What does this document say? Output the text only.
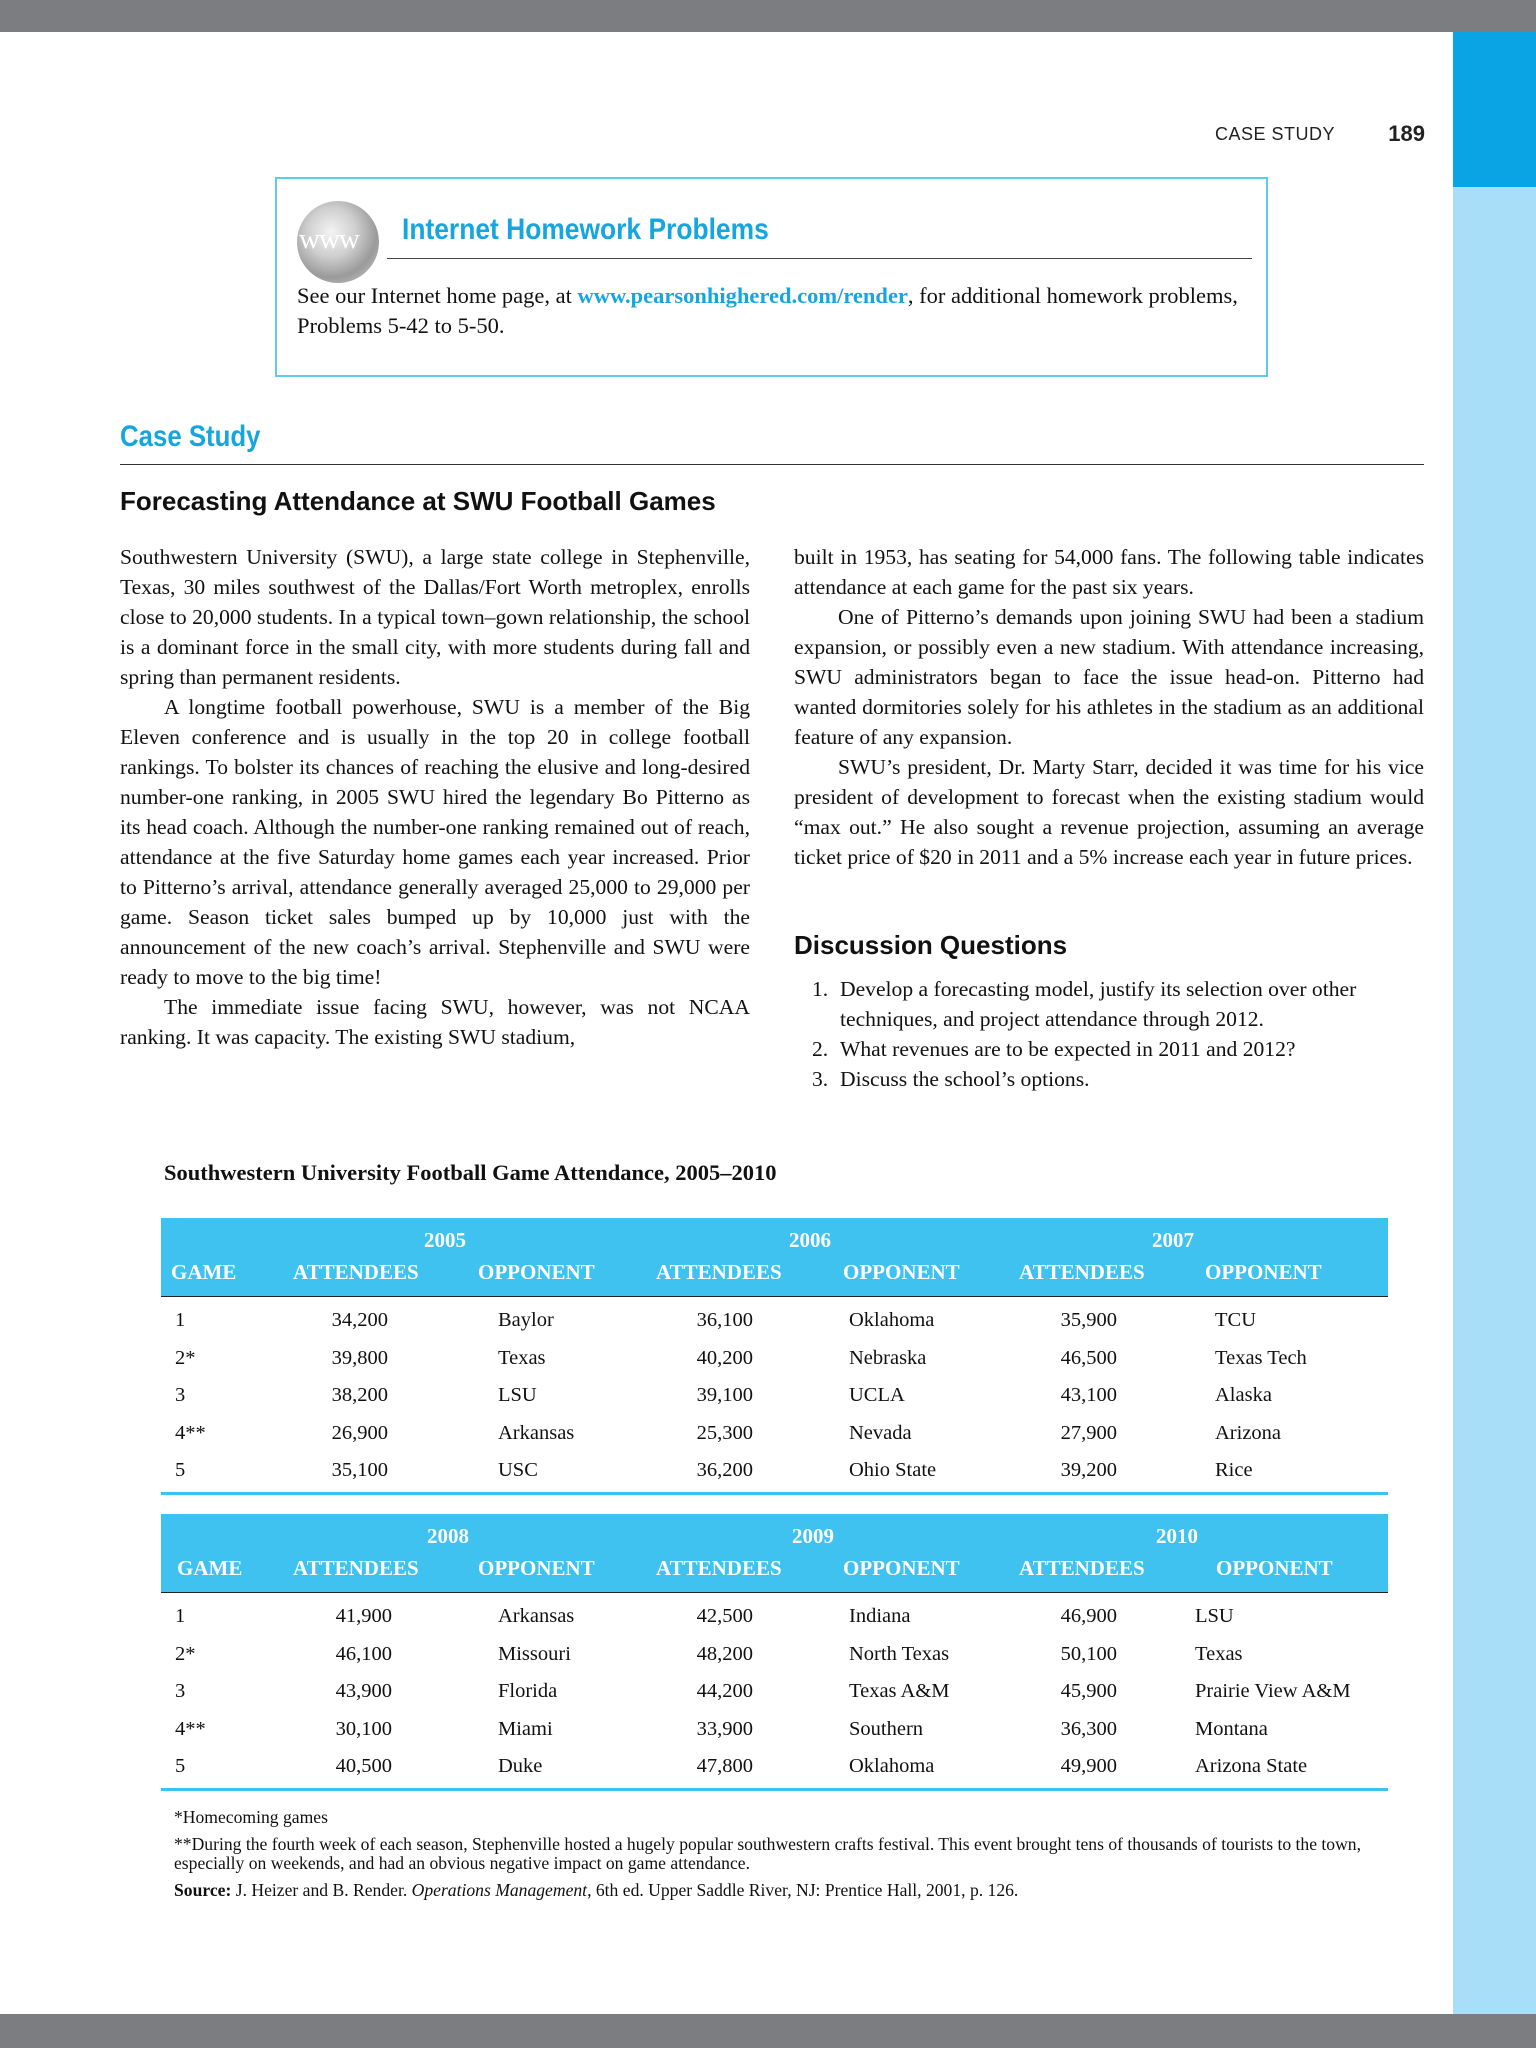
CASE STUDY 189
www Internet Homework Problems
See our Internet home page, at www.pearsonhighered.com/render, for additional homework problems, Problems 5-42 to 5-50.
Case Study
Forecasting Attendance at SWU Football Games

Southwestern University (SWU), a large state college in Stephenville, Texas, 30 miles southwest of the Dallas/Fort Worth metroplex, enrolls close to 20,000 students. In a typical town–gown relationship, the school is a dominant force in the small city, with more students during fall and spring than permanent residents.

A longtime football powerhouse, SWU is a member of the Big Eleven conference and is usually in the top 20 in college football rankings. To bolster its chances of reaching the elusive and long-desired number-one ranking, in 2005 SWU hired the legendary Bo Pitterno as its head coach. Although the number-one ranking remained out of reach, attendance at the five Saturday home games each year increased. Prior to Pitterno’s arrival, attendance generally averaged 25,000 to 29,000 per game. Season ticket sales bumped up by 10,000 just with the announcement of the new coach’s arrival. Stephenville and SWU were ready to move to the big time!

The immediate issue facing SWU, however, was not NCAA ranking. It was capacity. The existing SWU stadium,

built in 1953, has seating for 54,000 fans. The following table indicates attendance at each game for the past six years.

One of Pitterno’s demands upon joining SWU had been a stadium expansion, or possibly even a new stadium. With attendance increasing, SWU administrators began to face the issue head-on. Pitterno had wanted dormitories solely for his athletes in the stadium as an additional feature of any expansion.

SWU’s president, Dr. Marty Starr, decided it was time for his vice president of development to forecast when the existing stadium would “max out.” He also sought a revenue projection, assuming an average ticket price of $20 in 2011 and a 5% increase each year in future prices.

Discussion Questions
1. Develop a forecasting model, justify its selection over other techniques, and project attendance through 2012.
2. What revenues are to be expected in 2011 and 2012?
3. Discuss the school’s options.
Southwestern University Football Game Attendance, 2005–2010
2005	2006	2007
GAME	ATTENDEES	OPPONENT	ATTENDEES	OPPONENT	ATTENDEES	OPPONENT
1	34,200	Baylor	36,100	Oklahoma	35,900	TCU
2*	39,800	Texas	40,200	Nebraska	46,500	Texas Tech
3	38,200	LSU	39,100	UCLA	43,100	Alaska
4**	26,900	Arkansas	25,300	Nevada	27,900	Arizona
5	35,100	USC	36,200	Ohio State	39,200	Rice
2008	2009	2010
GAME ATTENDEES	OPPONENT	ATTENDEES	OPPONENT	ATTENDEES	OPPONENT
1	41,900	Arkansas	42,500	Indiana	46,900	LSU
2*	46,100	Missouri	48,200	North Texas	50,100	Texas
3	43,900	Florida	44,200	Texas A&M	45,900	Prairie View A&M
4**	30,100	Miami	33,900	Southern	36,300	Montana
5	40,500	Duke	47,800	Oklahoma	49,900	Arizona State
*Homecoming games
**During the fourth week of each season, Stephenville hosted a hugely popular southwestern crafts festival. This event brought tens of thousands of tourists to the town, especially on weekends, and had an obvious negative impact on game attendance.
Source: J. Heizer and B. Render. Operations Management, 6th ed. Upper Saddle River, NJ: Prentice Hall, 2001, p. 126.
